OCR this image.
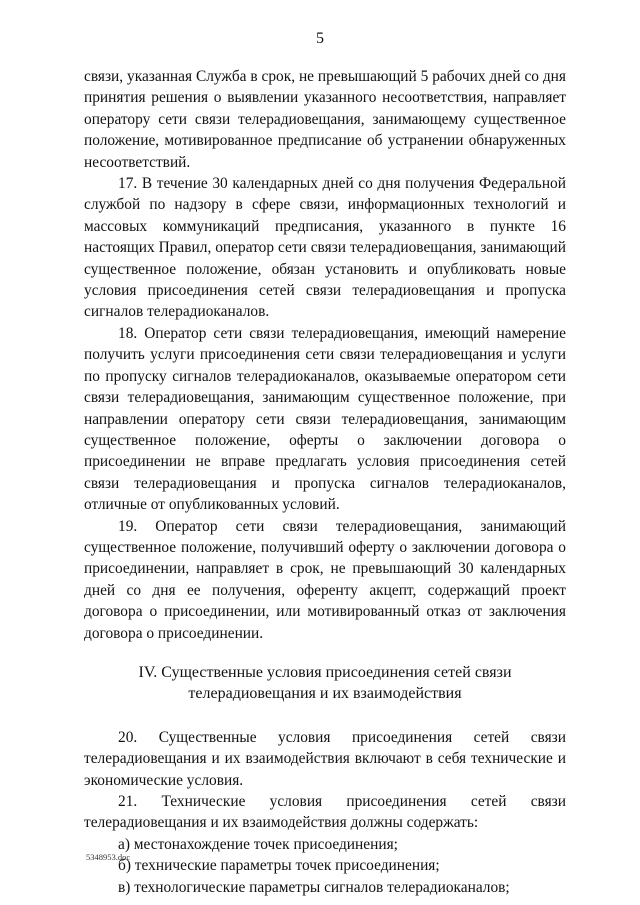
5

связи, указанная Служба в срок, не превышающий 5 рабочих дней со дня принятия решения о выявлении указанного несоответствия, направляет оператору сети связи телерадиовещания, занимающему существенное положение, мотивированное предписание об устранении обнаруженных несоответствий.

17. В течение 30 календарных дней со дня получения Федеральной службой по надзору в сфере связи, информационных технологий и массовых коммуникаций предписания, указанного в пункте 16 настоящих Правил, оператор сети связи телерадиовещания, занимающий существенное положение, обязан установить и опубликовать новые условия присоединения сетей связи телерадиовещания и пропуска сигналов телерадиоканалов.

18. Оператор сети связи телерадиовещания, имеющий намерение получить услуги присоединения сети связи телерадиовещания и услуги по пропуску сигналов телерадиоканалов, оказываемые оператором сети связи телерадиовещания, занимающим существенное положение, при направлении оператору сети связи телерадиовещания, занимающим существенное положение, оферты о заключении договора о присоединении не вправе предлагать условия присоединения сетей связи телерадиовещания и пропуска сигналов телерадиоканалов, отличные от опубликованных условий.

19. Оператор сети связи телерадиовещания, занимающий существенное положение, получивший оферту о заключении договора о присоединении, направляет в срок, не превышающий 30 календарных дней со дня ее получения, оференту акцепт, содержащий проект договора о присоединении, или мотивированный отказ от заключения договора о присоединении.

IV. Существенные условия присоединения сетей связи телерадиовещания и их взаимодействия

20. Существенные условия присоединения сетей связи телерадиовещания и их взаимодействия включают в себя технические и экономические условия.

21. Технические условия присоединения сетей связи телерадиовещания и их взаимодействия должны содержать:

а) местонахождение точек присоединения;

б) технические параметры точек присоединения;

в) технологические параметры сигналов телерадиоканалов;

5348953.doc
